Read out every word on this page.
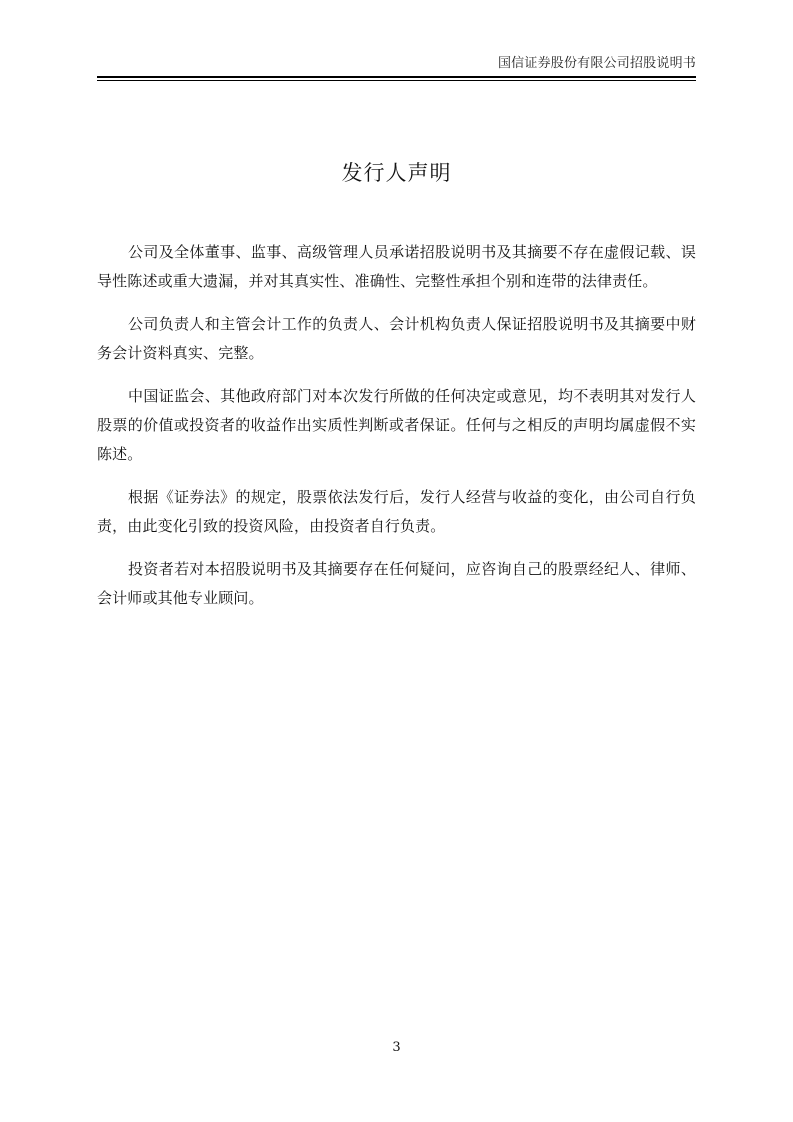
国信证券股份有限公司招股说明书
发行人声明

公司及全体董事、监事、高级管理人员承诺招股说明书及其摘要不存在虚假记载、误导性陈述或重大遗漏，并对其真实性、准确性、完整性承担个别和连带的法律责任。

公司负责人和主管会计工作的负责人、会计机构负责人保证招股说明书及其摘要中财务会计资料真实、完整。

中国证监会、其他政府部门对本次发行所做的任何决定或意见，均不表明其对发行人股票的价值或投资者的收益作出实质性判断或者保证。任何与之相反的声明均属虚假不实陈述。

根据《证券法》的规定，股票依法发行后，发行人经营与收益的变化，由公司自行负责，由此变化引致的投资风险，由投资者自行负责。

投资者若对本招股说明书及其摘要存在任何疑问，应咨询自己的股票经纪人、律师、会计师或其他专业顾问。

3
